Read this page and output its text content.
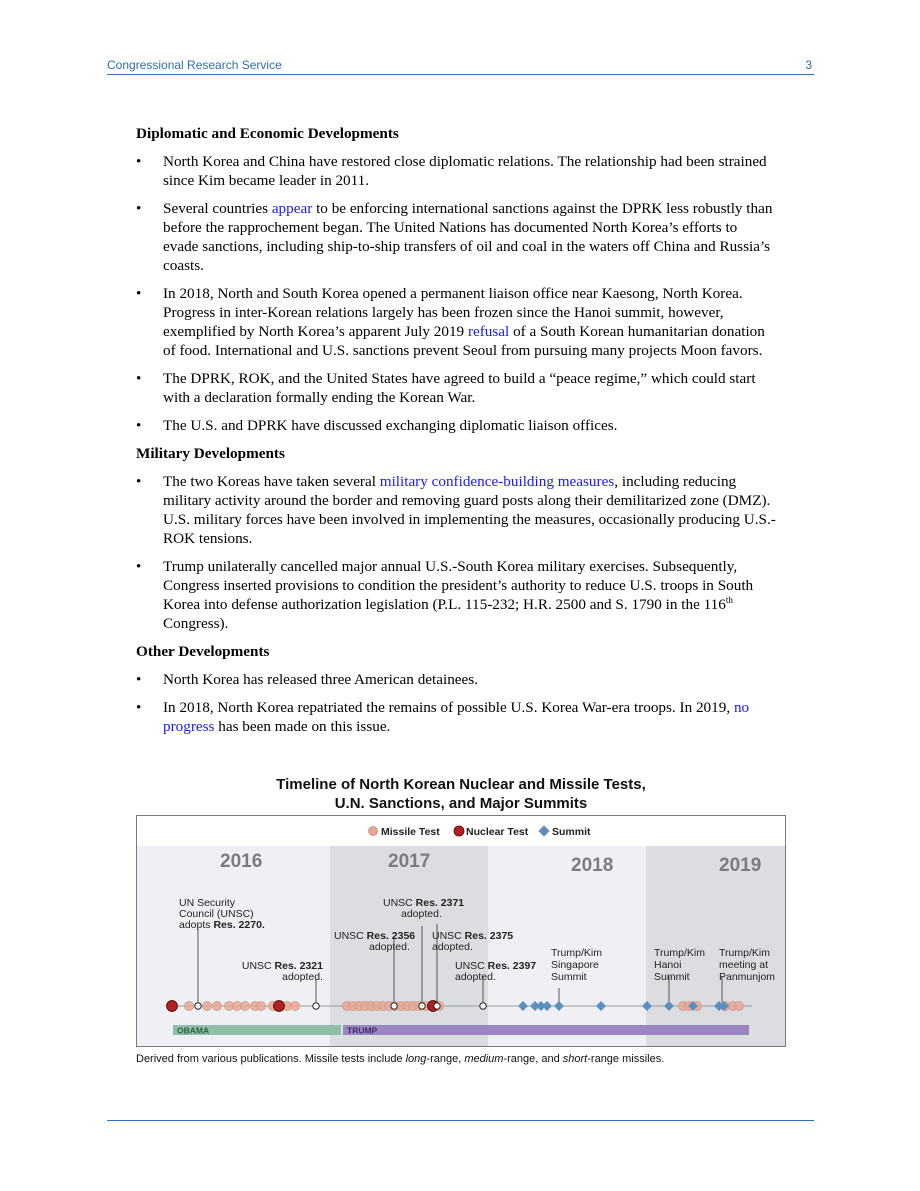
Congressional Research Service	3
Diplomatic and Economic Developments
• North Korea and China have restored close diplomatic relations. The relationship had been strained since Kim became leader in 2011.
• Several countries appear to be enforcing international sanctions against the DPRK less robustly than before the rapprochement began. The United Nations has documented North Korea’s efforts to evade sanctions, including ship-to-ship transfers of oil and coal in the waters off China and Russia’s coasts.
• In 2018, North and South Korea opened a permanent liaison office near Kaesong, North Korea. Progress in inter-Korean relations largely has been frozen since the Hanoi summit, however, exemplified by North Korea’s apparent July 2019 refusal of a South Korean humanitarian donation of food. International and U.S. sanctions prevent Seoul from pursuing many projects Moon favors.
• The DPRK, ROK, and the United States have agreed to build a “peace regime,” which could start with a declaration formally ending the Korean War.
• The U.S. and DPRK have discussed exchanging diplomatic liaison offices.
Military Developments
• The two Koreas have taken several military confidence-building measures, including reducing military activity around the border and removing guard posts along their demilitarized zone (DMZ). U.S. military forces have been involved in implementing the measures, occasionally producing U.S.-ROK tensions.
• Trump unilaterally cancelled major annual U.S.-South Korea military exercises. Subsequently, Congress inserted provisions to condition the president’s authority to reduce U.S. troops in South Korea into defense authorization legislation (P.L. 115-232; H.R. 2500 and S. 1790 in the 116th Congress).
Other Developments
• North Korea has released three American detainees.
• In 2018, North Korea repatriated the remains of possible U.S. Korea War-era troops. In 2019, no progress has been made on this issue.
Timeline of North Korean Nuclear and Missile Tests,
U.N. Sanctions, and Major Summits
Missile Test	Nuclear Test Summit
2016	2017	2018	2019
UN Security
Council (UNSC)
adopts Res. 2270.
UNSC Res. 2321
adopted.
UNSC Res. 2371
adopted.
UNSC Res. 2356
adopted.
UNSC Res. 2375
adopted.
UNSC Res. 2397
adopted.
Trump/Kim
Singapore
Summit
Trump/Kim
Hanoi
Summit
Trump/Kim
meeting at
Panmunjom
OBAMA	TRUMP
Derived from various publications. Missile tests include long-range, medium-range, and short-range missiles.
